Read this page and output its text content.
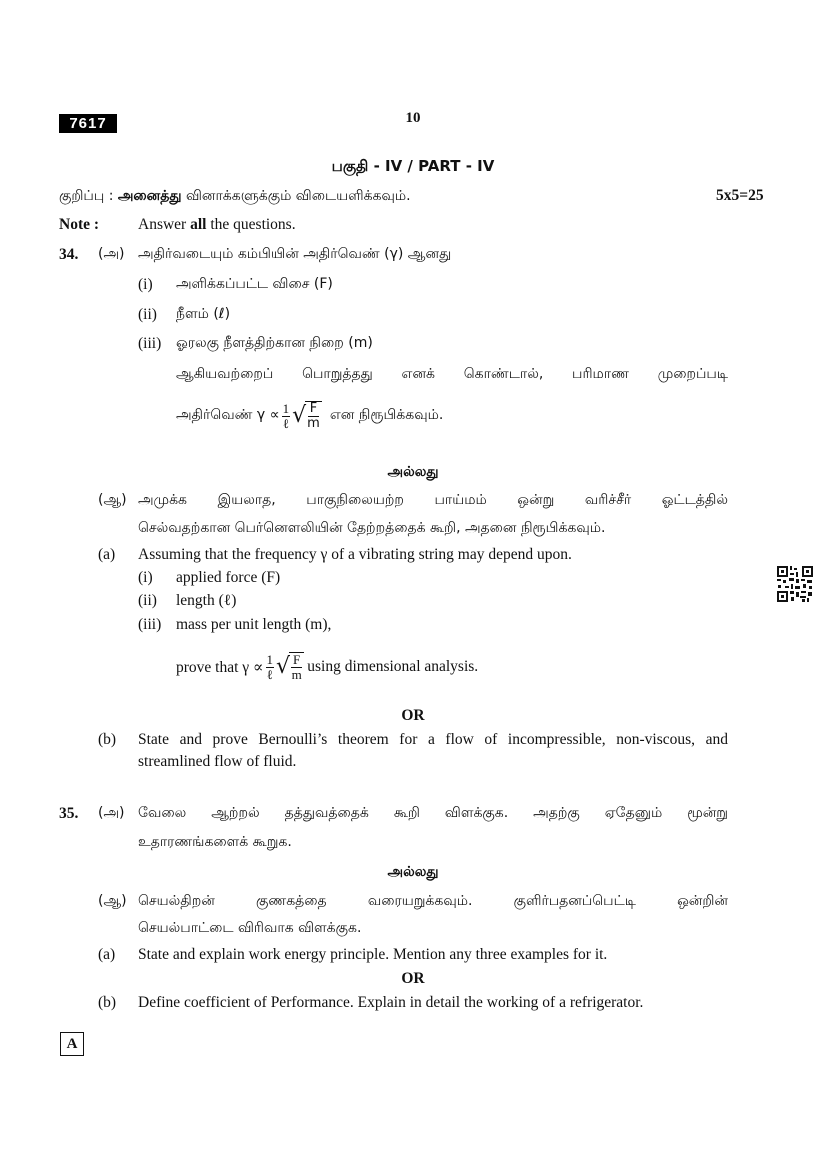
7617	10
பகுதி - IV / PART - IV
குறிப்பு : அனைத்து வினாக்களுக்கும் விடையளிக்கவும்.	5x5=25
Note :	Answer all the questions.
34. (அ) அதிர்வடையும் கம்பியின் அதிர்வெண் (γ) ஆனது
(i) அளிக்கப்பட்ட விசை (F)
(ii) நீளம் (ℓ)
(iii) ஓரலகு நீளத்திற்கான நிறை (m)
ஆகியவற்றைப் பொறுத்தது எனக் கொண்டால், பரிமாண முறைப்படி
அதிர்வெண் $\gamma \propto \frac{1}{\text{ℓ}}$ √ $\frac{F}{m}$ என நிரூபிக்கவும்.
அல்லது
(ஆ) அமுக்க இயலாத, பாகுநிலையற்ற பாய்மம் ஒன்று வரிச்சீர் ஓட்டத்தில்
செல்வதற்கான பெர்னௌலியின் தேற்றத்தைக் கூறி, அதனை நிரூபிக்கவும்.
(a) Assuming that the frequency γ of a vibrating string may depend upon.
(i) applied force (F)
(ii) length (ℓ)
(iii) mass per unit length (m),
prove that $\gamma \propto \frac{1}{\text{ℓ}}$ √ $\frac{F}{m}$ using dimensional analysis.
OR
(b) State and prove Bernoulli’s theorem for a flow of incompressible, non-viscous, and
streamlined flow of fluid.
35. (அ) வேலை ஆற்றல் தத்துவத்தைக் கூறி விளக்குக. அதற்கு ஏதேனும் மூன்று
உதாரணங்களைக் கூறுக.
அல்லது
(ஆ) செயல்திறன் குணகத்தை வரையறுக்கவும். குளிர்பதனப்பெட்டி ஒன்றின்
செயல்பாட்டை விரிவாக விளக்குக.
(a) State and explain work energy principle. Mention any three examples for it.
OR
(b) Define coefficient of Performance. Explain in detail the working of a refrigerator.
A
